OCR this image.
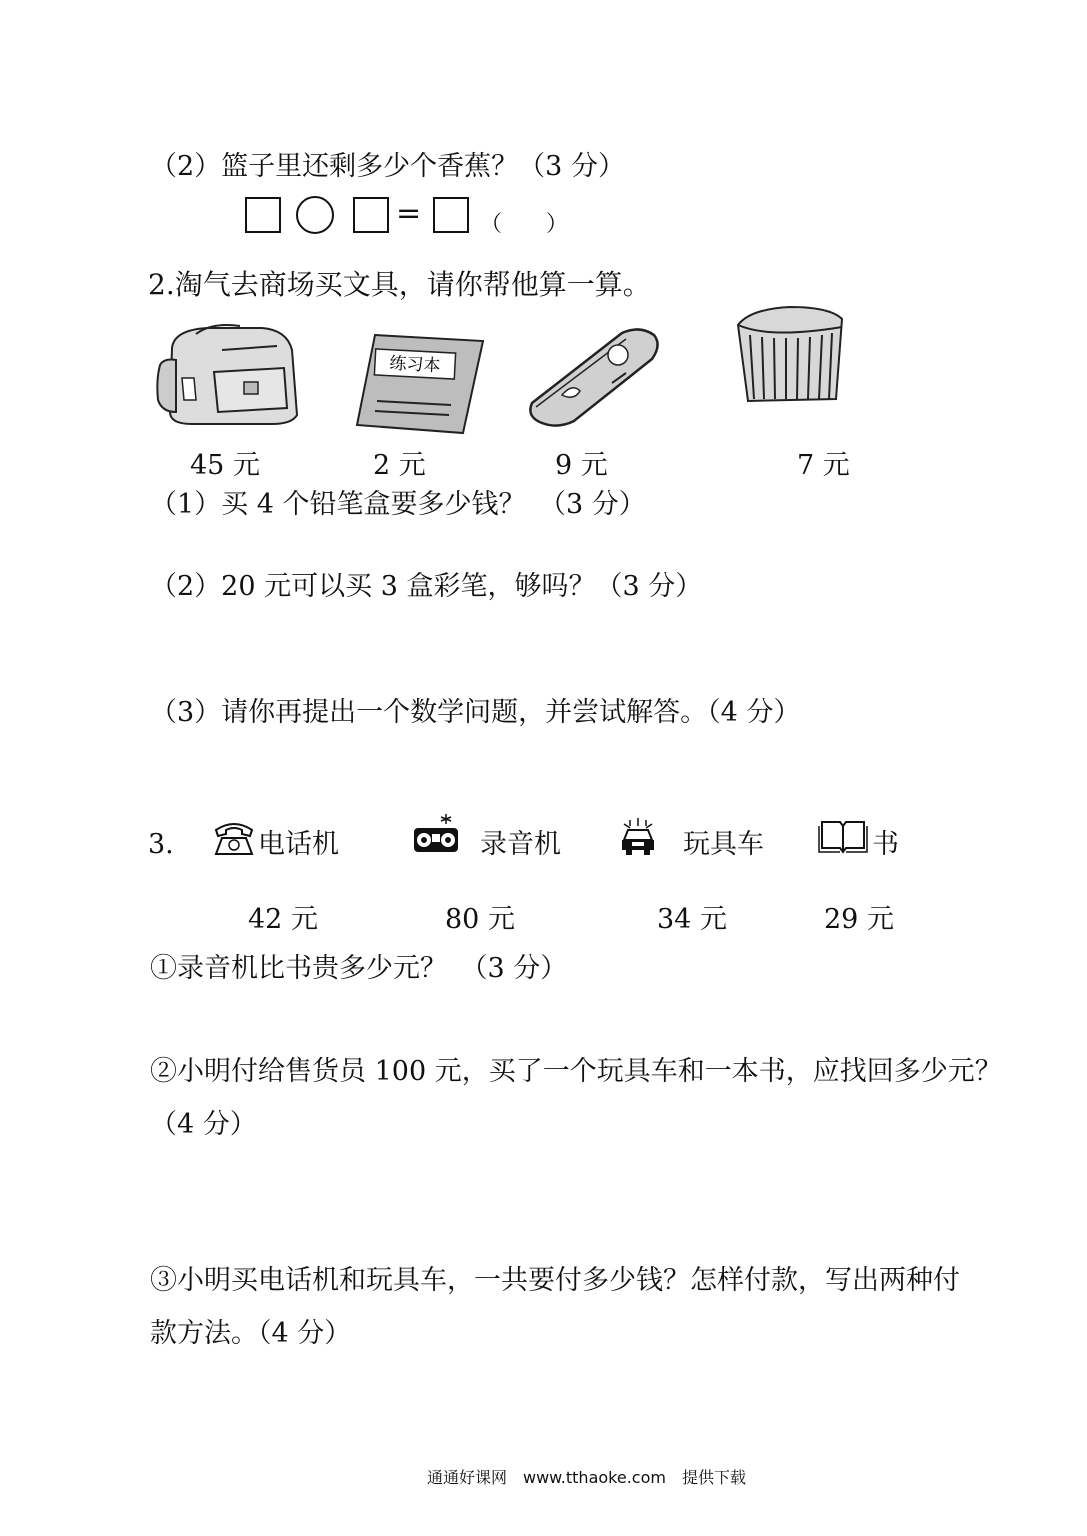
（2）篮子里还剩多少个香蕉？（3 分）
=	（　　）
2.淘气去商场买文具，请你帮他算一算。
练习本
45 元	2 元	9 元	7 元
（1）买 4 个铅笔盒要多少钱？　（3 分）
（2）20 元可以买 3 盒彩笔，够吗？（3 分）
（3）请你再提出一个数学问题，并尝试解答。（4 分）
3.	电话机	录音机	玩具车	书
42 元	80 元	34 元	29 元
①录音机比书贵多少元？　（3 分）
②小明付给售货员 100 元，买了一个玩具车和一本书，应找回多少元？
（4 分）
③小明买电话机和玩具车，一共要付多少钱？怎样付款，写出两种付
款方法。（4 分）
通通好课网　www.tthaoke.com　提供下载
